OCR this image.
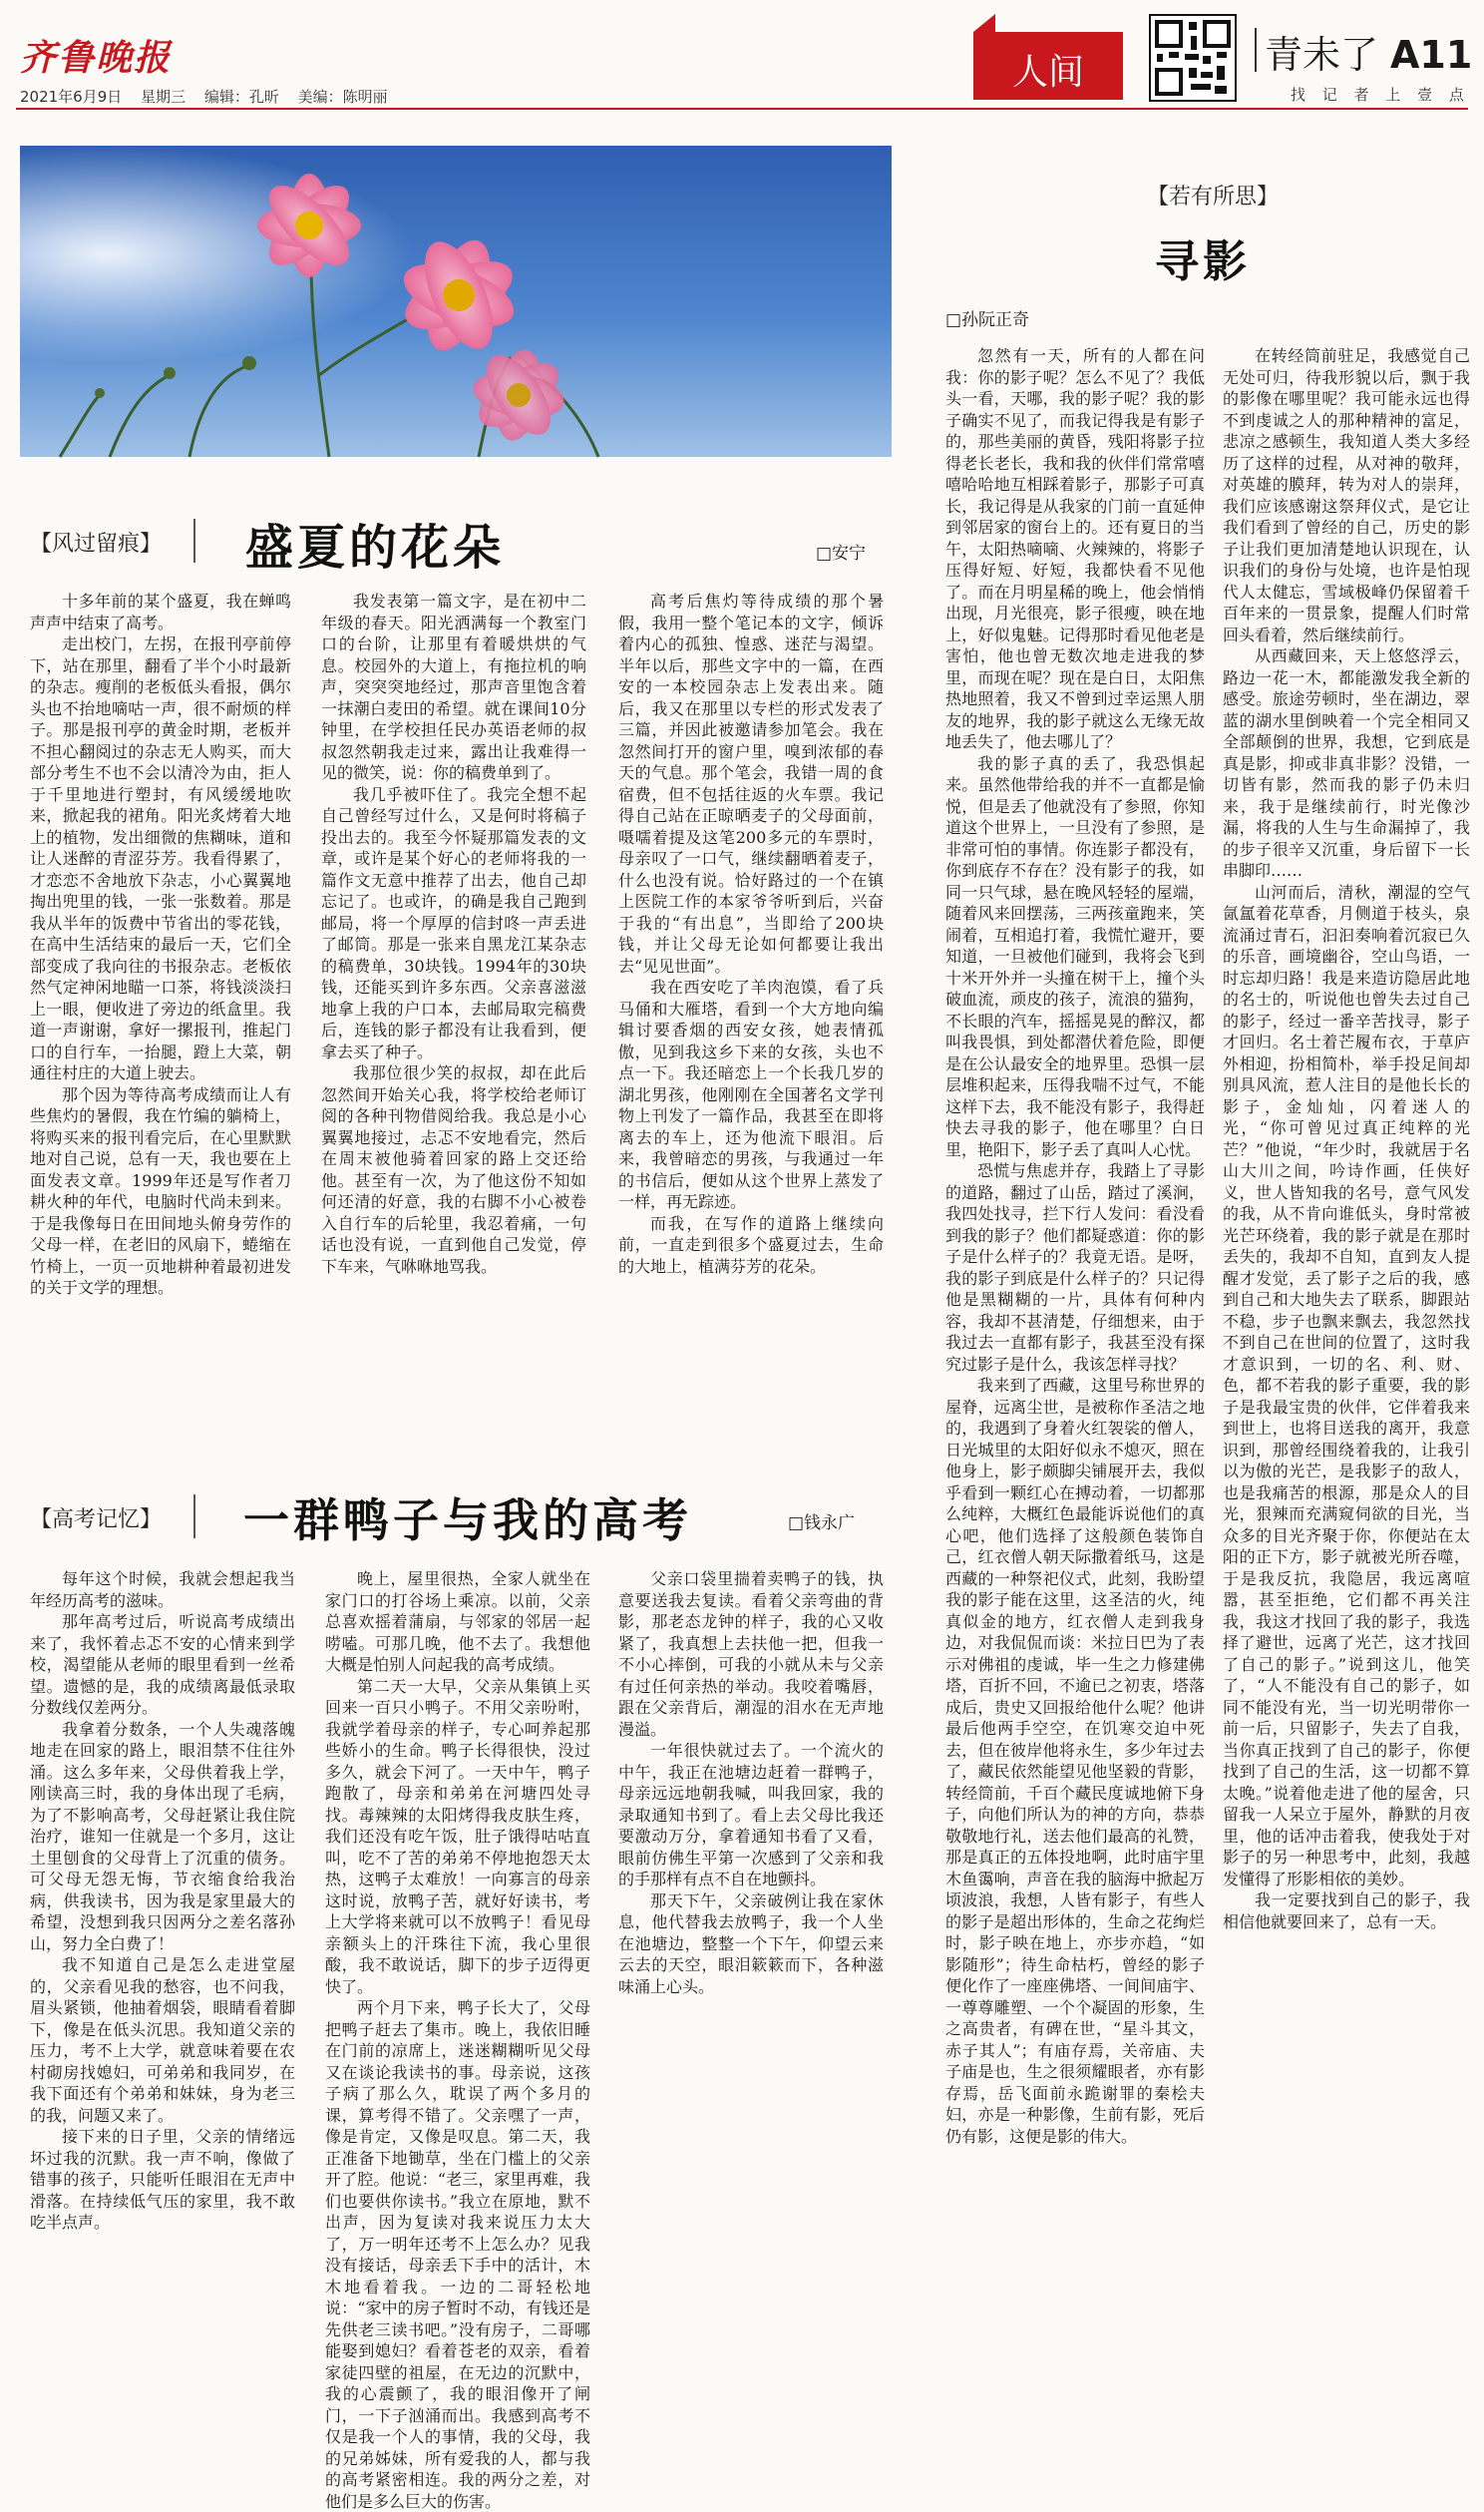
齐鲁晚报
2021年6月9日 星期三 编辑：孔昕 美编：陈明丽
人间	青未了 A11
找 记 者 上 壹 点
【风过留痕】 盛夏的花朵	□安宁

十多年前的某个盛夏，我在蝉鸣声声中结束了高考。

走出校门，左拐，在报刊亭前停下，站在那里，翻看了半个小时最新的杂志。瘦削的老板低头看报，偶尔头也不抬地嘀咕一声，很不耐烦的样子。那是报刊亭的黄金时期，老板并不担心翻阅过的杂志无人购买，而大部分考生不也不会以清冷为由，拒人于千里地进行塑封，有风缓缓地吹来，掀起我的裙角。阳光炙烤着大地上的植物，发出细微的焦糊味，道和让人迷醉的青涩芬芳。我看得累了，才恋恋不舍地放下杂志，小心翼翼地掏出兜里的钱，一张一张数着。那是我从半年的饭费中节省出的零花钱，在高中生活结束的最后一天，它们全部变成了我向往的书报杂志。老板依然气定神闲地瞄一口茶，将钱淡淡扫上一眼，便收进了旁边的纸盒里。我道一声谢谢，拿好一摞报刊，推起门口的自行车，一抬腿，蹬上大菜，朝通往村庄的大道上驶去。

那个因为等待高考成绩而让人有些焦灼的暑假，我在竹编的躺椅上，将购买来的报刊看完后，在心里默默地对自己说，总有一天，我也要在上面发表文章。1999年还是写作者刀耕火种的年代，电脑时代尚未到来。于是我像每日在田间地头俯身劳作的父母一样，在老旧的风扇下，蜷缩在竹椅上，一页一页地耕种着最初进发的关于文学的理想。

我发表第一篇文字，是在初中二年级的春天。阳光洒满每一个教室门口的台阶，让那里有着暖烘烘的气息。校园外的大道上，有拖拉机的响声，突突突地经过，那声音里饱含着一抹潮白麦田的希望。就在课间10分钟里，在学校担任民办英语老师的叔叔忽然朝我走过来，露出让我难得一见的微笑，说：你的稿费单到了。

我几乎被吓住了。我完全想不起自己曾经写过什么，又是何时将稿子投出去的。我至今怀疑那篇发表的文章，或许是某个好心的老师将我的一篇作文无意中推荐了出去，他自己却忘记了。也或许，的确是我自己跑到邮局，将一个厚厚的信封咚一声丢进了邮筒。那是一张来自黑龙江某杂志的稿费单，30块钱。1994年的30块钱，还能买到许多东西。父亲喜滋滋地拿上我的户口本，去邮局取完稿费后，连钱的影子都没有让我看到，便拿去买了种子。

我那位很少笑的叔叔，却在此后忽然间开始关心我，将学校给老师订阅的各种刊物借阅给我。我总是小心翼翼地接过，忐忑不安地看完，然后在周末被他骑着回家的路上交还给他。甚至有一次，为了他这份不知如何还清的好意，我的右脚不小心被卷入自行车的后轮里，我忍着痛，一句话也没有说，一直到他自己发觉，停下车来，气咻咻地骂我。

高考后焦灼等待成绩的那个暑假，我用一整个笔记本的文字，倾诉着内心的孤独、惶惑、迷茫与渴望。半年以后，那些文字中的一篇，在西安的一本校园杂志上发表出来。随后，我又在那里以专栏的形式发表了三篇，并因此被邀请参加笔会。我在忽然间打开的窗户里，嗅到浓郁的春天的气息。那个笔会，我错一周的食宿费，但不包括往返的火车票。我记得自己站在正晾晒麦子的父母面前，嗫嚅着提及这笔200多元的车票时，母亲叹了一口气，继续翻晒着麦子，什么也没有说。恰好路过的一个在镇上医院工作的本家爷爷听到后，兴奋于我的“有出息”，当即给了200块钱，并让父母无论如何都要让我出去“见见世面”。

我在西安吃了羊肉泡馍，看了兵马俑和大雁塔，看到一个大方地向编辑讨要香烟的西安女孩，她表情孤傲，见到我这乡下来的女孩，头也不点一下。我还暗恋上一个长我几岁的湖北男孩，他刚刚在全国著名文学刊物上刊发了一篇作品，我甚至在即将离去的车上，还为他流下眼泪。后来，我曾暗恋的男孩，与我通过一年的书信后，便如从这个世界上蒸发了一样，再无踪迹。

而我，在写作的道路上继续向前，一直走到很多个盛夏过去，生命的大地上，植满芬芳的花朵。

【高考记忆】 一群鸭子与我的高考	□钱永广

每年这个时候，我就会想起我当年经历高考的滋味。

那年高考过后，听说高考成绩出来了，我怀着忐忑不安的心情来到学校，渴望能从老师的眼里看到一丝希望。遗憾的是，我的成绩离最低录取分数线仅差两分。

我拿着分数条，一个人失魂落魄地走在回家的路上，眼泪禁不住往外涌。这么多年来，父母供着我上学，刚读高三时，我的身体出现了毛病，为了不影响高考，父母赶紧让我住院治疗，谁知一住就是一个多月，这让土里刨食的父母背上了沉重的债务。可父母无怨无悔，节衣缩食给我治病，供我读书，因为我是家里最大的希望，没想到我只因两分之差名落孙山，努力全白费了！

我不知道自己是怎么走进堂屋的，父亲看见我的愁容，也不问我，眉头紧锁，他抽着烟袋，眼睛看着脚下，像是在低头沉思。我知道父亲的压力，考不上大学，就意味着要在农村砌房找媳妇，可弟弟和我同岁，在我下面还有个弟弟和妹妹，身为老三的我，问题又来了。

接下来的日子里，父亲的情绪远坏过我的沉默。我一声不响，像做了错事的孩子，只能听任眼泪在无声中滑落。在持续低气压的家里，我不敢吃半点声。

晚上，屋里很热，全家人就坐在家门口的打谷场上乘凉。以前，父亲总喜欢摇着蒲扇，与邻家的邻居一起唠嗑。可那几晚，他不去了。我想他大概是怕别人问起我的高考成绩。

第二天一大早，父亲从集镇上买回来一百只小鸭子。不用父亲吩咐，我就学着母亲的样子，专心呵养起那些娇小的生命。鸭子长得很快，没过多久，就会下河了。一天中午，鸭子跑散了，母亲和弟弟在河塘四处寻找。毒辣辣的太阳烤得我皮肤生疼，我们还没有吃午饭，肚子饿得咕咕直叫，吃不了苦的弟弟不停地抱怨天太热，这鸭子太难放！一向寡言的母亲这时说，放鸭子苦，就好好读书，考上大学将来就可以不放鸭子！看见母亲额头上的汗珠往下流，我心里很酸，我不敢说话，脚下的步子迈得更快了。

两个月下来，鸭子长大了，父母把鸭子赶去了集市。晚上，我依旧睡在门前的凉席上，迷迷糊糊听见父母又在谈论我读书的事。母亲说，这孩子病了那么久，耽误了两个多月的课，算考得不错了。父亲嘿了一声，像是肯定，又像是叹息。第二天，我正准备下地锄草，坐在门槛上的父亲开了腔。他说：“老三，家里再难，我们也要供你读书。”我立在原地，默不出声，因为复读对我来说压力太大了，万一明年还考不上怎么办？见我没有接话，母亲丢下手中的活计，木木地看着我。一边的二哥轻松地说：“家中的房子暂时不动，有钱还是先供老三读书吧。”没有房子，二哥哪能娶到媳妇？看着苍老的双亲，看着家徒四壁的祖屋，在无边的沉默中，我的心震颤了，我的眼泪像开了闸门，一下子汹涌而出。我感到高考不仅是我一个人的事情，我的父母，我的兄弟姊妹，所有爱我的人，都与我的高考紧密相连。我的两分之差，对他们是多么巨大的伤害。

父亲口袋里揣着卖鸭子的钱，执意要送我去复读。看着父亲弯曲的背影，那老态龙钟的样子，我的心又收紧了，我真想上去扶他一把，但我一不小心摔倒，可我的小就从未与父亲有过任何亲热的举动。我咬着嘴唇，跟在父亲背后，潮湿的泪水在无声地漫溢。

一年很快就过去了。一个流火的中午，我正在池塘边赶着一群鸭子，母亲远远地朝我喊，叫我回家，我的录取通知书到了。看上去父母比我还要激动万分，拿着通知书看了又看，眼前仿佛生平第一次感到了父亲和我的手那样有点不自在地颤抖。

那天下午，父亲破例让我在家休息，他代替我去放鸭子，我一个人坐在池塘边，整整一个下午，仰望云来云去的天空，眼泪簌簌而下，各种滋味涌上心头。

【若有所思】
寻影
□孙阮正奇

忽然有一天，所有的人都在问我：你的影子呢？怎么不见了？我低头一看，天哪，我的影子呢？我的影子确实不见了，而我记得我是有影子的，那些美丽的黄昏，残阳将影子拉得老长老长，我和我的伙伴们常常嘻嘻哈哈地互相踩着影子，那影子可真长，我记得是从我家的门前一直延伸到邻居家的窗台上的。还有夏日的当午，太阳热嘀嘀、火辣辣的，将影子压得好短、好短，我都快看不见他了。而在月明星稀的晚上，他会悄悄出现，月光很亮，影子很瘦，映在地上，好似鬼魅。记得那时看见他老是害怕，他也曾无数次地走进我的梦里，而现在呢？现在是白日，太阳焦热地照着，我又不曾到过幸运黑人朋友的地界，我的影子就这么无缘无故地丢失了，他去哪儿了？

我的影子真的丢了，我恐惧起来。虽然他带给我的并不一直都是愉悦，但是丢了他就没有了参照，你知道这个世界上，一旦没有了参照，是非常可怕的事情。你连影子都没有，你到底存不存在？没有影子的我，如同一只气球，悬在晚风轻轻的屋端，随着风来回摆荡，三两孩童跑来，笑闹着，互相追打着，我慌忙避开，要知道，一旦被他们碰到，我将会飞到十米开外并一头撞在树干上，撞个头破血流，顽皮的孩子，流浪的猫狗，不长眼的汽车，摇摇晃晃的醉汉，都叫我畏惧，到处都潜伏着危险，即便是在公认最安全的地界里。恐惧一层层堆积起来，压得我喘不过气，不能这样下去，我不能没有影子，我得赶快去寻我的影子，他在哪里？白日里，艳阳下，影子丢了真叫人心忧。

恐慌与焦虑并存，我踏上了寻影的道路，翻过了山岳，踏过了溪涧，我四处找寻，拦下行人发问：看没看到我的影子？他们都疑惑道：你的影子是什么样子的？我竟无语。是呀，我的影子到底是什么样子的？只记得他是黑糊糊的一片，具体有何种内容，我却不甚清楚，仔细想来，由于我过去一直都有影子，我甚至没有探究过影子是什么，我该怎样寻找？

我来到了西藏，这里号称世界的屋脊，远离尘世，是被称作圣洁之地的，我遇到了身着火红袈裟的僧人，日光城里的太阳好似永不熄灭，照在他身上，影子颇脚尖铺展开去，我似乎看到一颗红心在搏动着，一切都那么纯粹，大概红色最能诉说他们的真心吧，他们选择了这般颜色装饰自己，红衣僧人朝天际撒着纸马，这是西藏的一种祭祀仪式，此刻，我盼望我的影子能在这里，这圣洁的火，纯真似金的地方，红衣僧人走到我身边，对我侃侃而谈：米拉日巴为了表示对佛祖的虔诚，毕一生之力修建佛塔，百折不回，不逾已之初衷，塔落成后，贵史又回报给他什么呢？他讲最后他两手空空，在饥寒交迫中死去，但在彼岸他将永生，多少年过去了，藏民依然能望见他坚毅的背影，转经筒前，千百个藏民度诚地俯下身子，向他们所认为的神的方向，恭恭敬敬地行礼，送去他们最高的礼赞，那是真正的五体投地啊，此时庙宇里木鱼霭响，声音在我的脑海中掀起万顷波浪，我想，人皆有影子，有些人的影子是超出形体的，生命之花绚烂时，影子映在地上，亦步亦趋，“如影随形”；待生命枯朽，曾经的影子便化作了一座座佛塔、一间间庙宇、一尊尊雕塑、一个个凝固的形象，生之高贵者，有碑在世，“星斗其文，赤子其人”；有庙存焉，关帝庙、夫子庙是也，生之很须耀眼者，亦有影存焉，岳飞面前永跪谢罪的秦桧夫妇，亦是一种影像，生前有影，死后仍有影，这便是影的伟大。

在转经筒前驻足，我感觉自己无处可归，待我形貌以后，飘于我的影像在哪里呢？我可能永远也得不到虔诚之人的那种精神的富足，悲凉之感顿生，我知道人类大多经历了这样的过程，从对神的敬拜，对英雄的膜拜，转为对人的崇拜，我们应该感谢这祭拜仪式，是它让我们看到了曾经的自己，历史的影子让我们更加清楚地认识现在，认识我们的身份与处境，也许是怕现代人太健忘，雪域极峰仍保留着千百年来的一贯景象，提醒人们时常回头看着，然后继续前行。

从西藏回来，天上悠悠浮云，路边一花一木，都能激发我全新的感受。旅途劳顿时，坐在湖边，翠蓝的湖水里倒映着一个完全相同又全部颠倒的世界，我想，它到底是真是影，抑或非真非影？没错，一切皆有影，然而我的影子仍未归来，我于是继续前行，时光像沙漏，将我的人生与生命漏掉了，我的步子很辛又沉重，身后留下一长串脚印……

山河而后，清秋，潮湿的空气氤氲着花草香，月侧道于枝头，泉流涌过青石，汩汩奏响着沉寂已久的乐音，画境幽谷，空山鸟语，一时忘却归路！我是来造访隐居此地的名士的，听说他也曾失去过自己的影子，经过一番辛苦找寻，影子才回归。名士着芒履布衣，于草庐外相迎，扮相简朴，举手投足间却别具风流，惹人注目的是他长长的影子，金灿灿，闪着迷人的光，“你可曾见过真正纯粹的光芒？”他说，“年少时，我就居于名山大川之间，吟诗作画，任侠好义，世人皆知我的名号，意气风发的我，从不肯向谁低头，身时常被光芒环绕着，我的影子就是在那时丢失的，我却不自知，直到友人提醒才发觉，丢了影子之后的我，感到自己和大地失去了联系，脚跟站不稳，步子也飘来飘去，我忽然找不到自己在世间的位置了，这时我才意识到，一切的名、利、财、色，都不若我的影子重要，我的影子是我最宝贵的伙伴，它伴着我来到世上，也将目送我的离开，我意识到，那曾经围绕着我的，让我引以为傲的光芒，是我影子的敌人，也是我痛苦的根源，那是众人的目光，狠辣而充满窥伺欲的目光，当众多的目光齐聚于你，你便站在太阳的正下方，影子就被光所吞噬，于是我反抗，我隐居，我远离喧嚣，甚至拒绝，它们都不再关注我，我这才找回了我的影子，我选择了避世，远离了光芒，这才找回了自己的影子。”说到这儿，他笑了，“人不能没有自己的影子，如同不能没有光，当一切光明带你一前一后，只留影子，失去了自我，当你真正找到了自己的影子，你便找到了自己的生活，这一切都不算太晚。”说着他走进了他的屋舍，只留我一人呆立于屋外，静默的月夜里，他的话冲击着我，使我处于对影子的另一种思考中，此刻，我越发懂得了形影相依的美妙。

我一定要找到自己的影子，我相信他就要回来了，总有一天。
